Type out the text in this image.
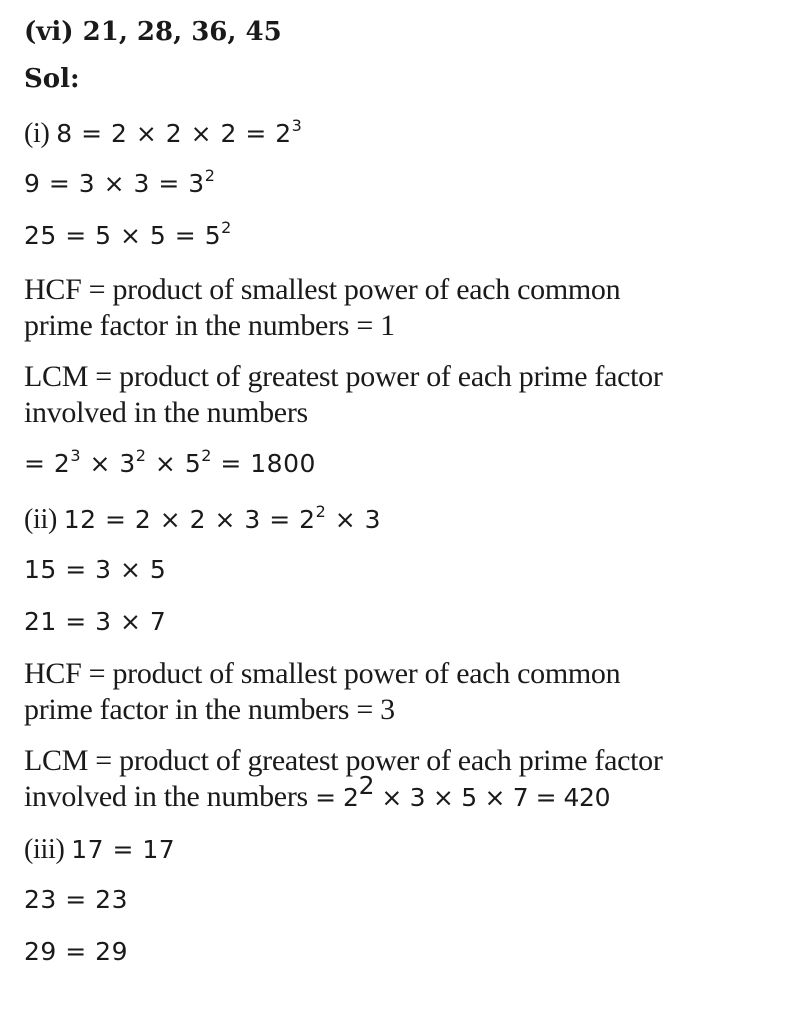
(vi) 21, 28, 36, 45
Sol:
(i) $8 = 2 \times 2 \times 2 = 2^3$
$9 = 3 \times 3 = 3^2$
$25 = 5 \times 5 = 5^2$
HCF = product of smallest power of each common
prime factor in the numbers = 1
LCM = product of greatest power of each prime factor
involved in the numbers
= $2^3 \times 3^2 \times 5^2 = 1800$
(ii) $12 = 2 \times 2 \times 3 = 2^2 \times 3$
15 = 3 × 5
21 = 3 × 7
HCF = product of smallest power of each common
prime factor in the numbers = 3
LCM = product of greatest power of each prime factor
involved in the numbers = $2^2 \times 3 \times 5 \times 7 = 420$
(iii) 17 = 17
23 = 23
29 = 29
